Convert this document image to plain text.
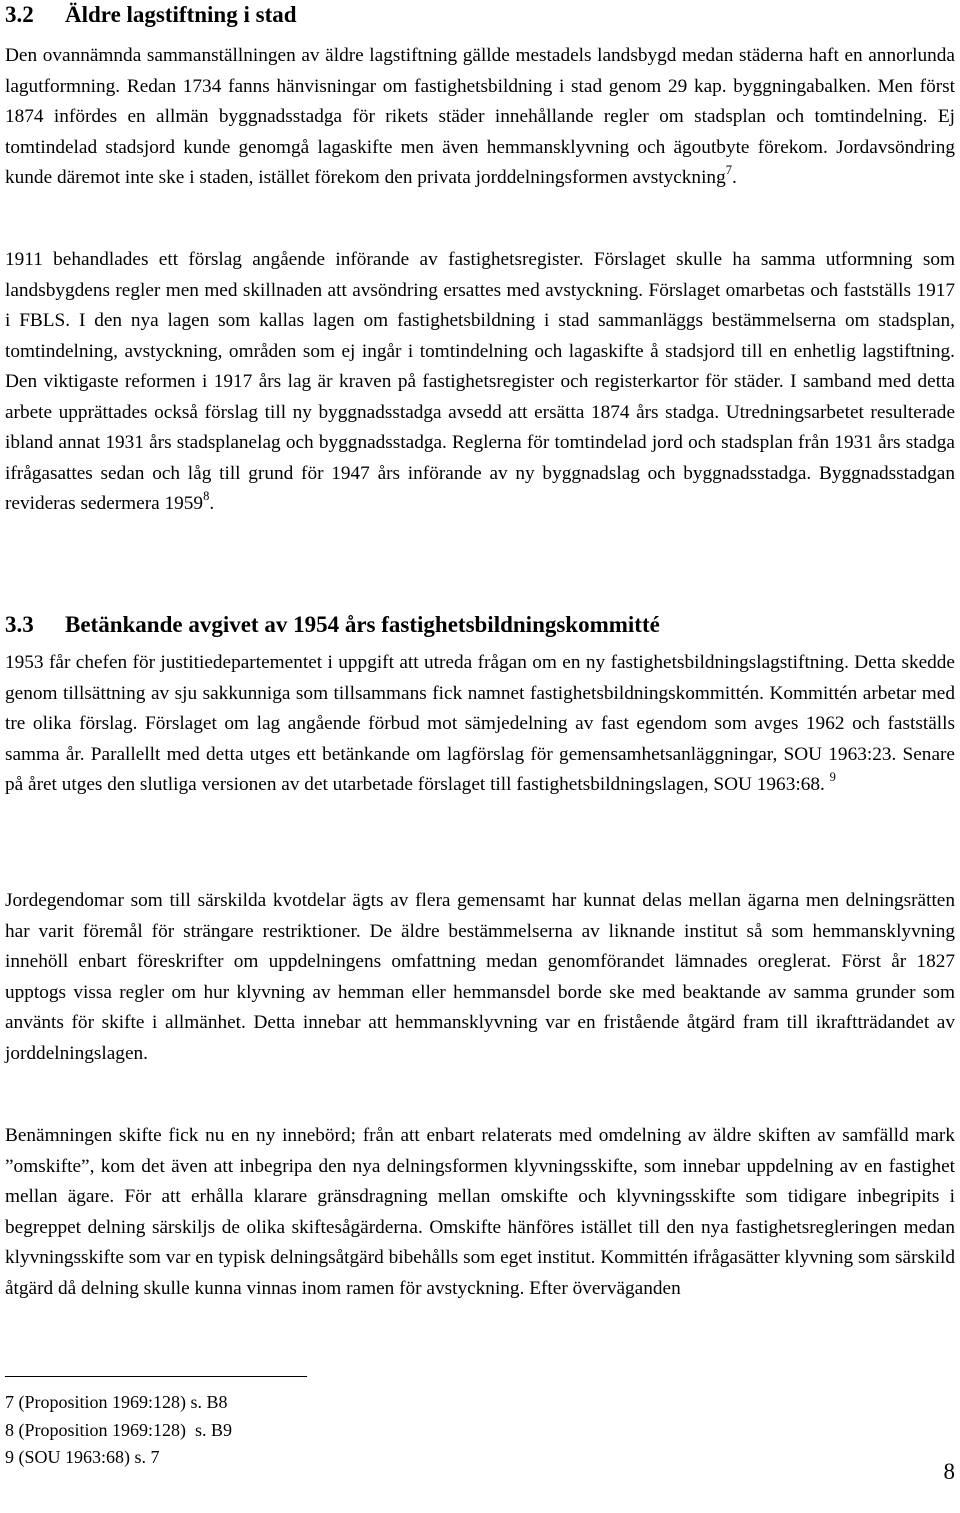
3.2 Äldre lagstiftning i stad

Den ovannämnda sammanställningen av äldre lagstiftning gällde mestadels landsbygd medan städerna haft en annorlunda lagutformning. Redan 1734 fanns hänvisningar om fastighetsbildning i stad genom 29 kap. byggningabalken. Men först 1874 infördes en allmän byggnadsstadga för rikets städer innehållande regler om stadsplan och tomtindelning. Ej tomtindelad stadsjord kunde genomgå lagaskifte men även hemmansklyvning och ägoutbyte förekom. Jordavsöndring kunde däremot inte ske i staden, istället förekom den privata jorddelningsformen avstyckning$^7$.

1911 behandlades ett förslag angående införande av fastighetsregister. Förslaget skulle ha samma utformning som landsbygdens regler men med skillnaden att avsöndring ersattes med avstyckning. Förslaget omarbetas och fastställs 1917 i FBLS. I den nya lagen som kallas lagen om fastighetsbildning i stad sammanläggs bestämmelserna om stadsplan, tomtindelning, avstyckning, områden som ej ingår i tomtindelning och lagaskifte å stadsjord till en enhetlig lagstiftning. Den viktigaste reformen i 1917 års lag är kraven på fastighetsregister och registerkartor för städer. I samband med detta arbete upprättades också förslag till ny byggnadsstadga avsedd att ersätta 1874 års stadga. Utredningsarbetet resulterade ibland annat 1931 års stadsplanelag och byggnadsstadga. Reglerna för tomtindelad jord och stadsplan från 1931 års stadga ifrågasattes sedan och låg till grund för 1947 års införande av ny byggnadslag och byggnadsstadga. Byggnadsstadgan revideras sedermera 1959$^8$.

3.3 Betänkande avgivet av 1954 års fastighetsbildningskommitté

1953 får chefen för justitiedepartementet i uppgift att utreda frågan om en ny fastighetsbildningslagstiftning. Detta skedde genom tillsättning av sju sakkunniga som tillsammans fick namnet fastighetsbildningskommittén. Kommittén arbetar med tre olika förslag. Förslaget om lag angående förbud mot sämjedelning av fast egendom som avges 1962 och fastställs samma år. Parallellt med detta utges ett betänkande om lagförslag för gemensamhetsanläggningar, SOU 1963:23. Senare på året utges den slutliga versionen av det utarbetade förslaget till fastighetsbildningslagen, SOU 1963:68. $^9$

Jordegendomar som till särskilda kvotdelar ägts av flera gemensamt har kunnat delas mellan ägarna men delningsrätten har varit föremål för strängare restriktioner. De äldre bestämmelserna av liknande institut så som hemmansklyvning innehöll enbart föreskrifter om uppdelningens omfattning medan genomförandet lämnades oreglerat. Först år 1827 upptogs vissa regler om hur klyvning av hemman eller hemmansdel borde ske med beaktande av samma grunder som använts för skifte i allmänhet. Detta innebar att hemmansklyvning var en fristående åtgärd fram till ikraftträdandet av jorddelningslagen.

Benämningen skifte fick nu en ny innebörd; från att enbart relaterats med omdelning av äldre skiften av samfälld mark ”omskifte”, kom det även att inbegripa den nya delningsformen klyvningsskifte, som innebar uppdelning av en fastighet mellan ägare. För att erhålla klarare gränsdragning mellan omskifte och klyvningsskifte som tidigare inbegripits i begreppet delning särskiljs de olika skiftesågärderna. Omskifte hänföres istället till den nya fastighetsregleringen medan klyvningsskifte som var en typisk delningsåtgärd bibehålls som eget institut. Kommittén ifrågasätter klyvning som särskild åtgärd då delning skulle kunna vinnas inom ramen för avstyckning. Efter överväganden

7 (Proposition 1969:128) s. B8
8 (Proposition 1969:128)  s. B9
9 (SOU 1963:68) s. 7
8
